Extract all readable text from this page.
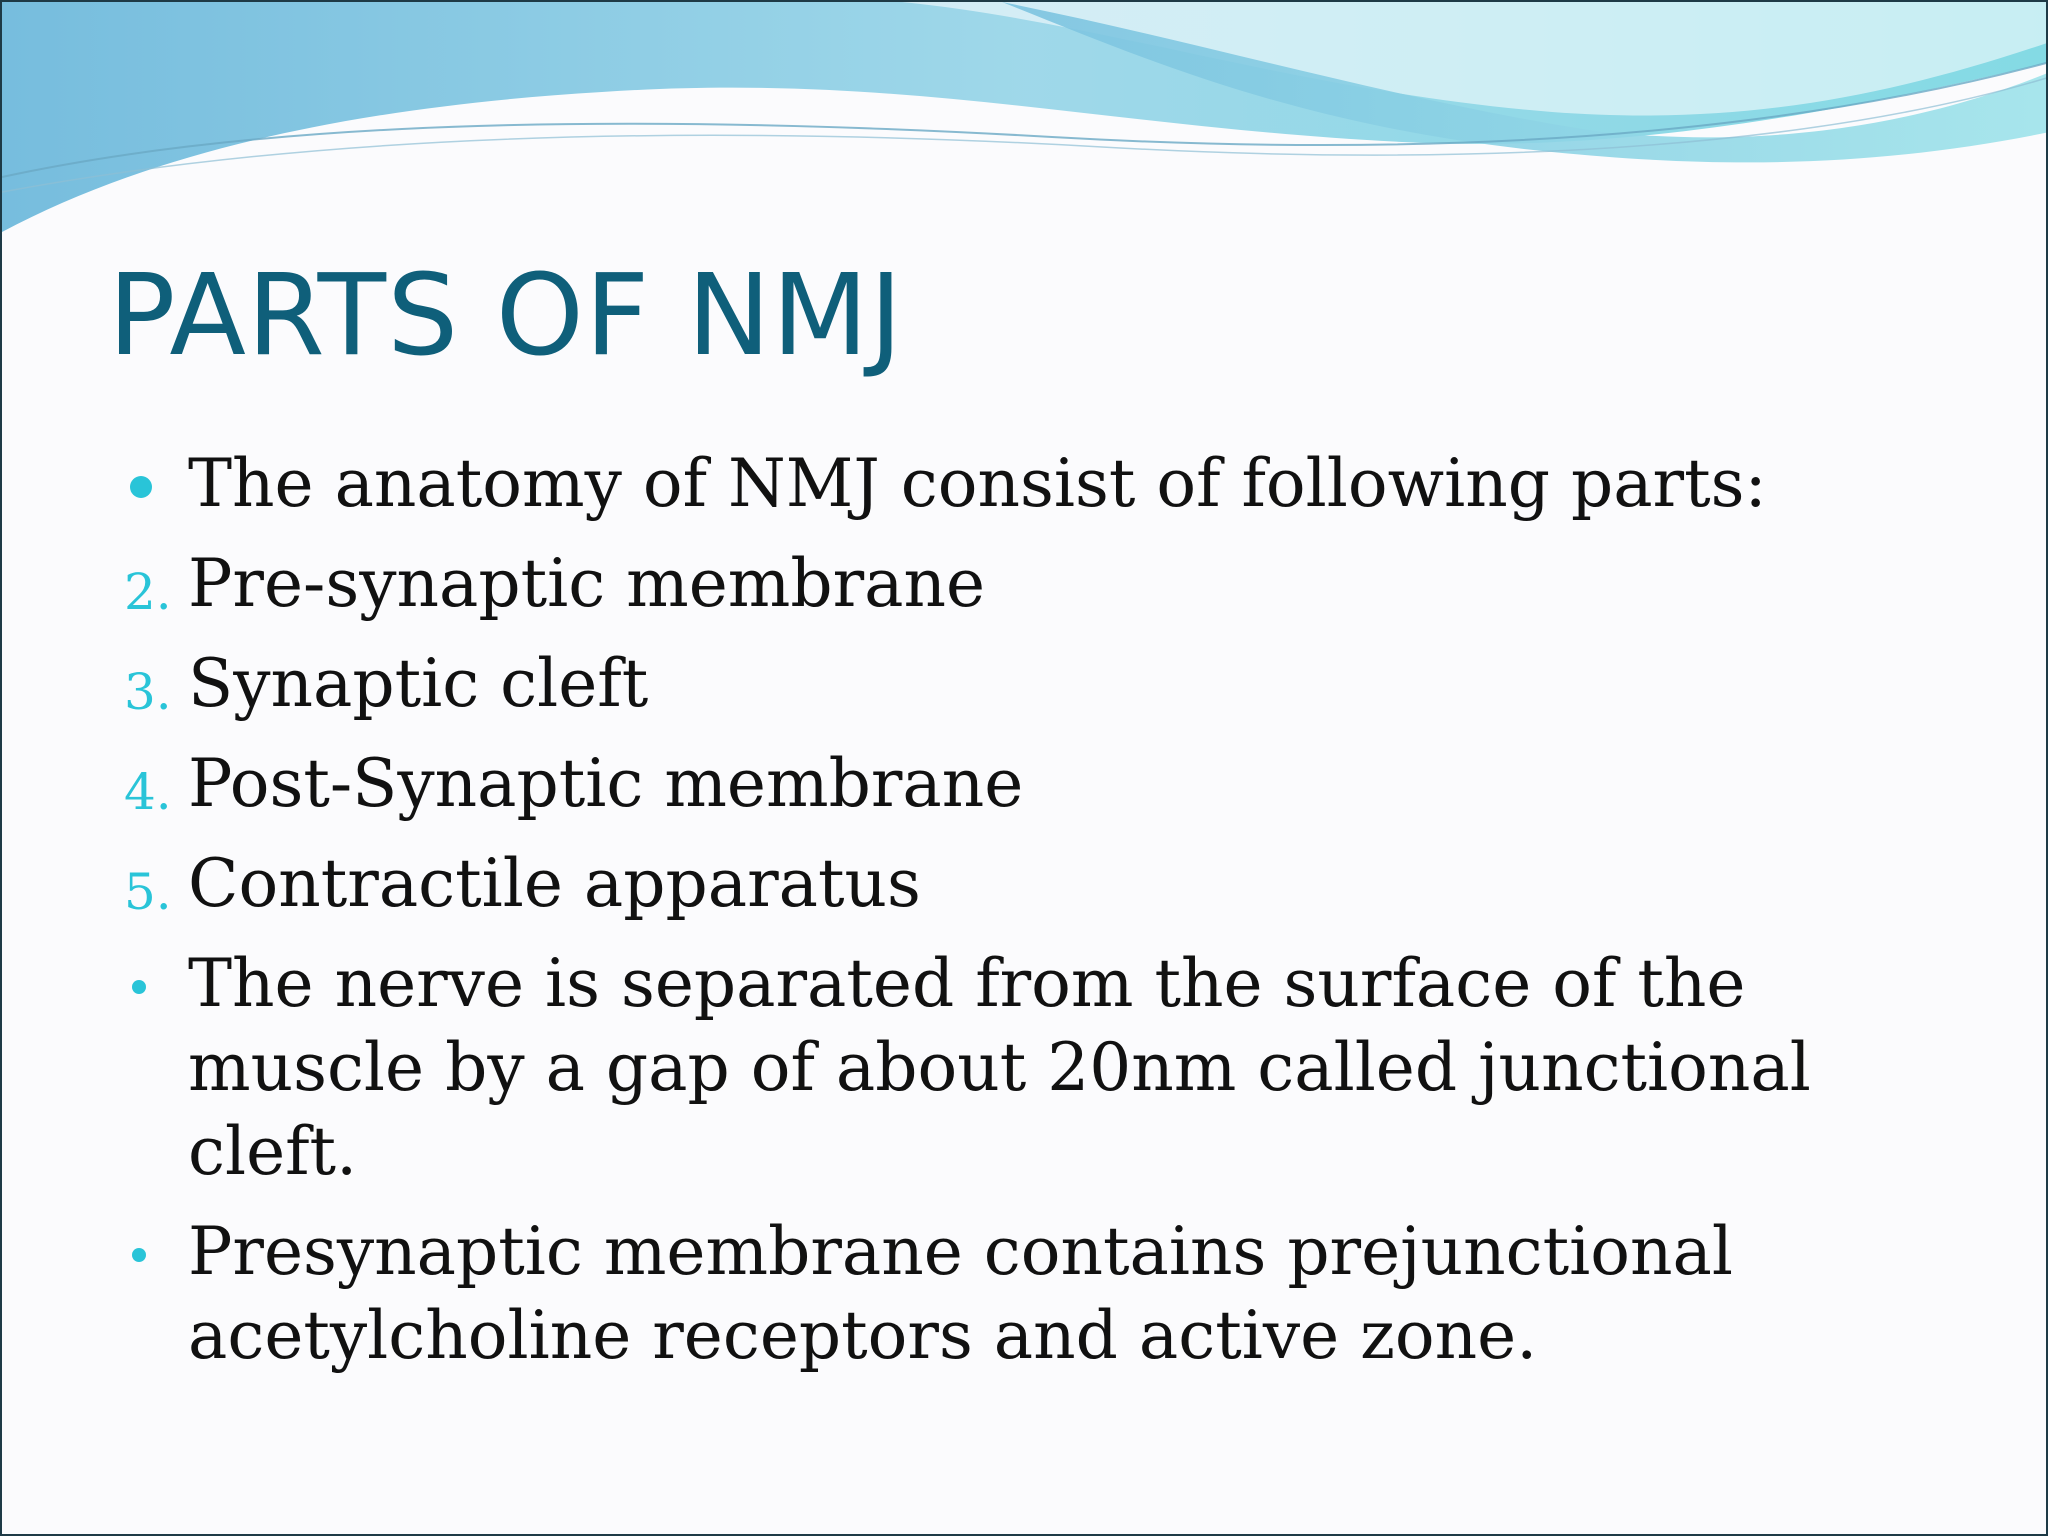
PARTS OF NMJ
The anatomy of NMJ consist of following parts:
2. Pre-synaptic membrane
3. Synaptic cleft
4. Post-Synaptic membrane
5. Contractile apparatus
The nerve is separated from the surface of the muscle by a gap of about 20nm called junctional cleft.
Presynaptic membrane contains prejunctional acetylcholine receptors and active zone.
